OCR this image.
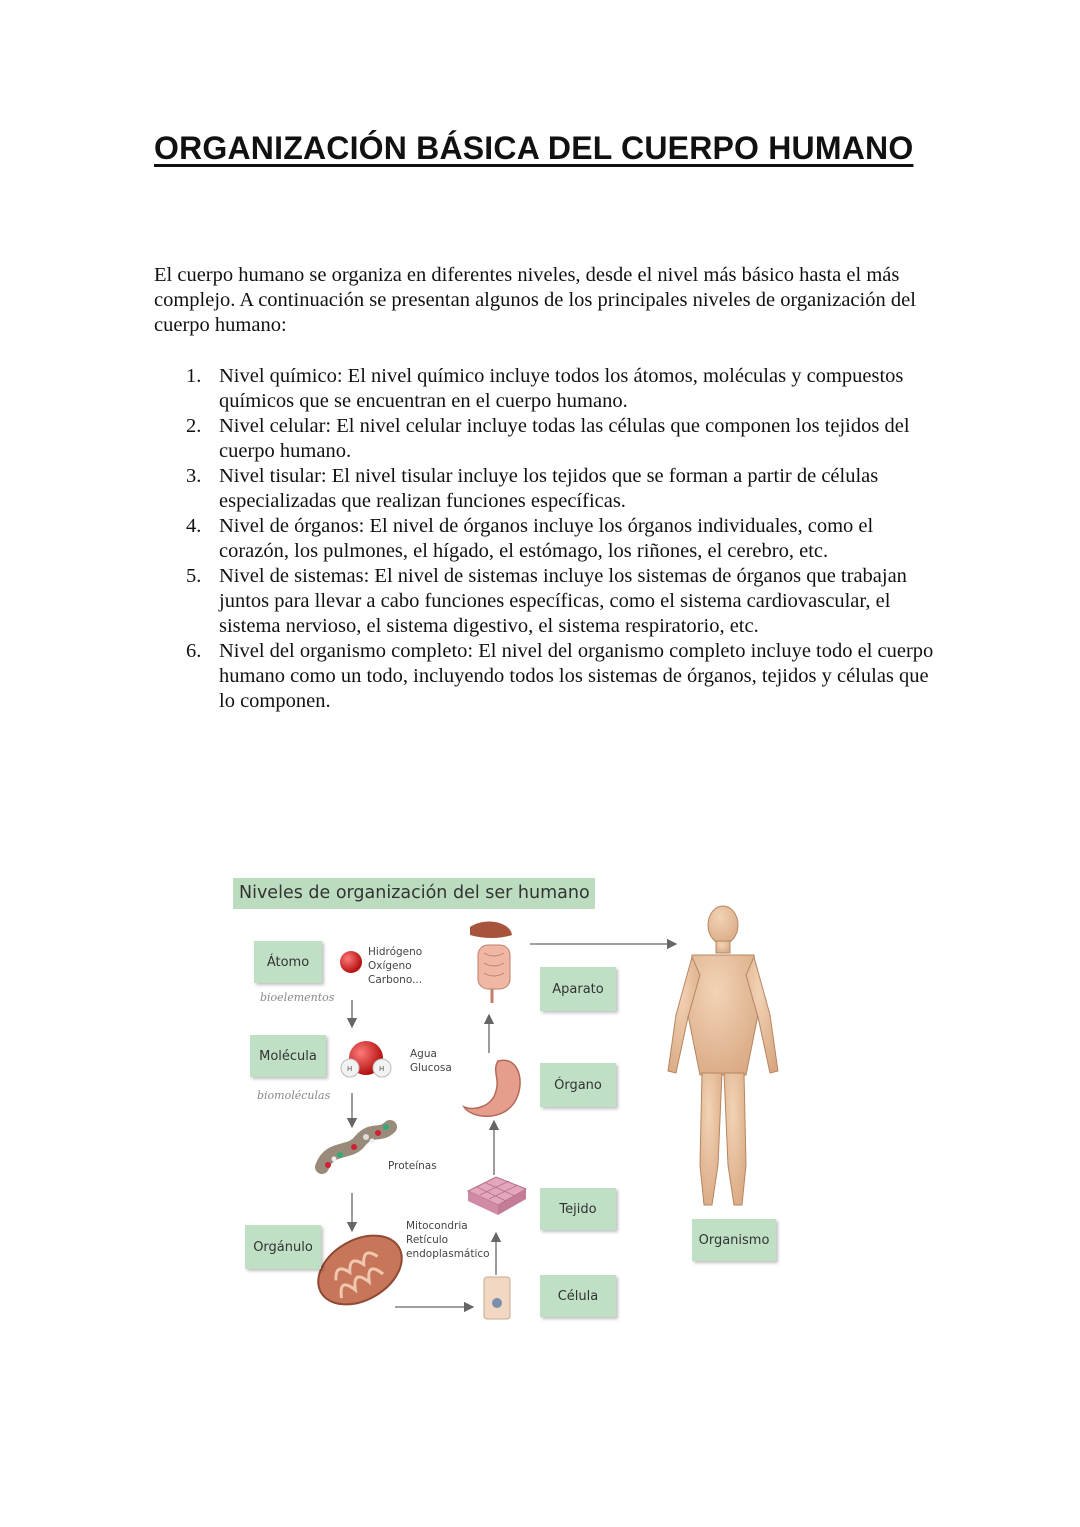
ORGANIZACIÓN BÁSICA DEL CUERPO HUMANO

El cuerpo humano se organiza en diferentes niveles, desde el nivel más básico hasta el más complejo. A continuación se presentan algunos de los principales niveles de organización del cuerpo humano:

1. Nivel químico: El nivel químico incluye todos los átomos, moléculas y compuestos químicos que se encuentran en el cuerpo humano.
2. Nivel celular: El nivel celular incluye todas las células que componen los tejidos del cuerpo humano.
3. Nivel tisular: El nivel tisular incluye los tejidos que se forman a partir de células especializadas que realizan funciones específicas.
4. Nivel de órganos: El nivel de órganos incluye los órganos individuales, como el corazón, los pulmones, el hígado, el estómago, los riñones, el cerebro, etc.
5. Nivel de sistemas: El nivel de sistemas incluye los sistemas de órganos que trabajan juntos para llevar a cabo funciones específicas, como el sistema cardiovascular, el sistema nervioso, el sistema digestivo, el sistema respiratorio, etc.
6. Nivel del organismo completo: El nivel del organismo completo incluye todo el cuerpo humano como un todo, incluyendo todos los sistemas de órganos, tejidos y células que lo componen.
H	H
Niveles de organización del ser humano
Átomo
Molécula
Orgánulo
Aparato
Órgano
Tejido
Célula
Organismo
Hidrógeno
Oxígeno
Carbono...
Agua
Glucosa
Proteínas
Mitocondria
Retículo
endoplasmático
bioelementos
biomoléculas
